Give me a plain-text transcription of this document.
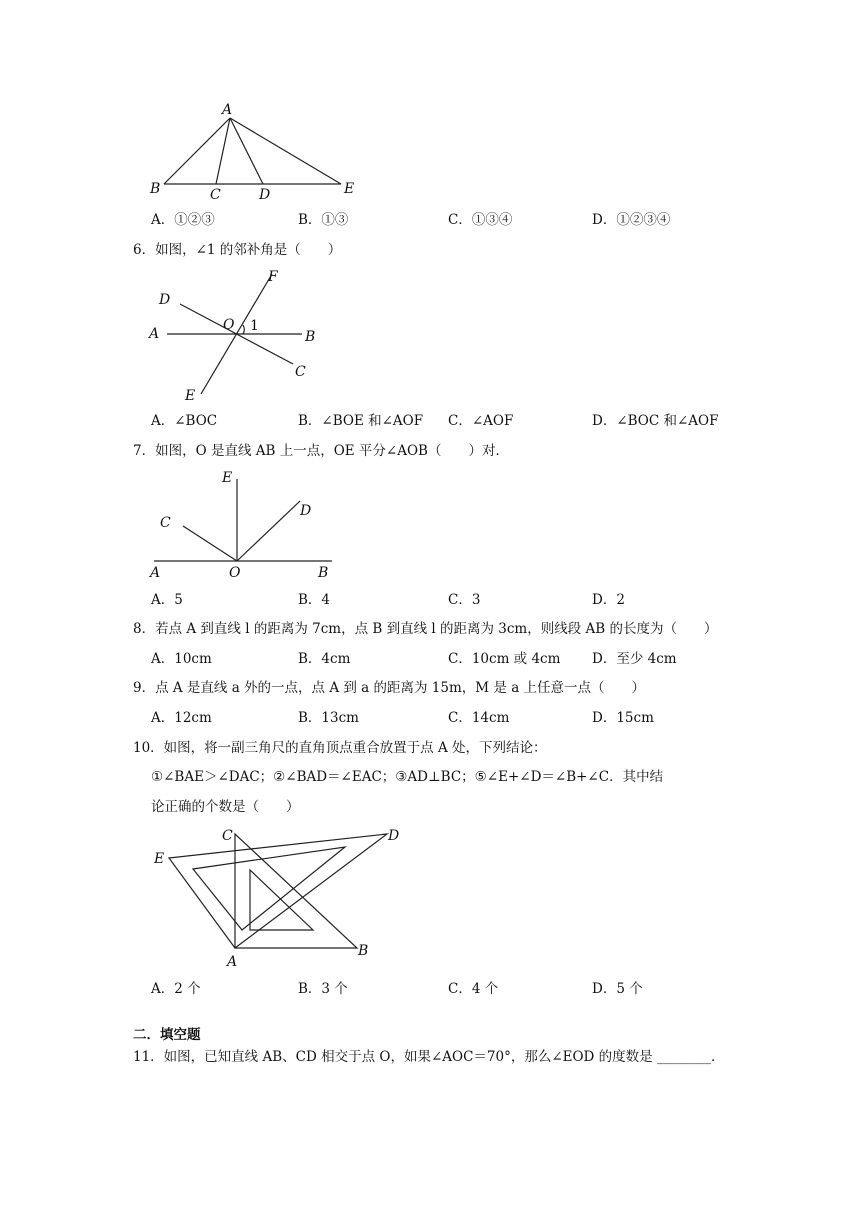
A
B	C	D	E
A．①②③	B．①③	C．①③④	D．①②③④
6．如图，∠1 的邻补角是（　　）
D
F
O 1
A	B
C
E
A．∠BOC	B．∠BOE 和∠AOF C．∠AOF	D．∠BOC 和∠AOF
7．如图，O 是直线 AB 上一点，OE 平分∠AOB（　　）对．
E
C
D
A	O	B
A．5	B．4	C．3	D．2
8．若点 A 到直线 l 的距离为 7cm，点 B 到直线 l 的距离为 3cm，则线段 AB 的长度为（　　）
A．10cm	B．4cm	C．10cm 或 4cm D．至少 4cm
9．点 A 是直线 a 外的一点，点 A 到 a 的距离为 15m，M 是 a 上任意一点（　　）
A．12cm	B．13cm	C．14cm	D．15cm
10．如图，将一副三角尺的直角顶点重合放置于点 A 处，下列结论：
①∠BAE＞∠DAC；②∠BAD＝∠EAC；③AD⊥BC；⑤∠E+∠D＝∠B+∠C．其中结
论正确的个数是（　　）
C	D
E
A
B
A．2 个	B．3 个	C．4 个	D．5 个
二．填空题
11．如图，已知直线 AB、CD 相交于点 O，如果∠AOC＝70°，那么∠EOD 的度数是 ________．
